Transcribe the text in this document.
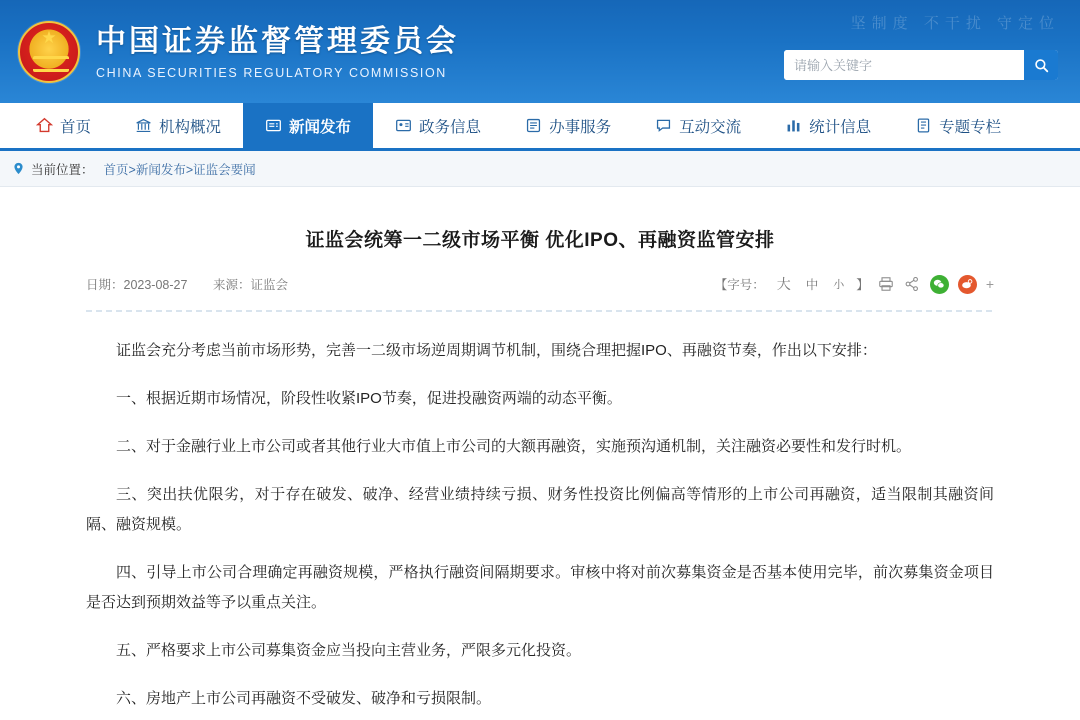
坚制度 不干扰 守定位
★
中国证券监督管理委员会
CHINA SECURITIES REGULATORY COMMISSION
请输入关键字
首页	机构概况	新闻发布	政务信息	办事服务	互动交流	统计信息	专题专栏
当前位置： 首页>新闻发布>证监会要闻
证监会统筹一二级市场平衡 优化IPO、再融资监管安排
日期：2023-08-27 来源：证监会	【字号： 大 中 小 】	+

证监会充分考虑当前市场形势，完善一二级市场逆周期调节机制，围绕合理把握IPO、再融资节奏，作出以下安排：

一、根据近期市场情况，阶段性收紧IPO节奏，促进投融资两端的动态平衡。

二、对于金融行业上市公司或者其他行业大市值上市公司的大额再融资，实施预沟通机制，关注融资必要性和发行时机。

三、突出扶优限劣，对于存在破发、破净、经营业绩持续亏损、财务性投资比例偏高等情形的上市公司再融资，适当限制其融资间隔、融资规模。

四、引导上市公司合理确定再融资规模，严格执行融资间隔期要求。审核中将对前次募集资金是否基本使用完毕，前次募集资金项目是否达到预期效益等予以重点关注。

五、严格要求上市公司募集资金应当投向主营业务，严限多元化投资。

六、房地产上市公司再融资不受破发、破净和亏损限制。
